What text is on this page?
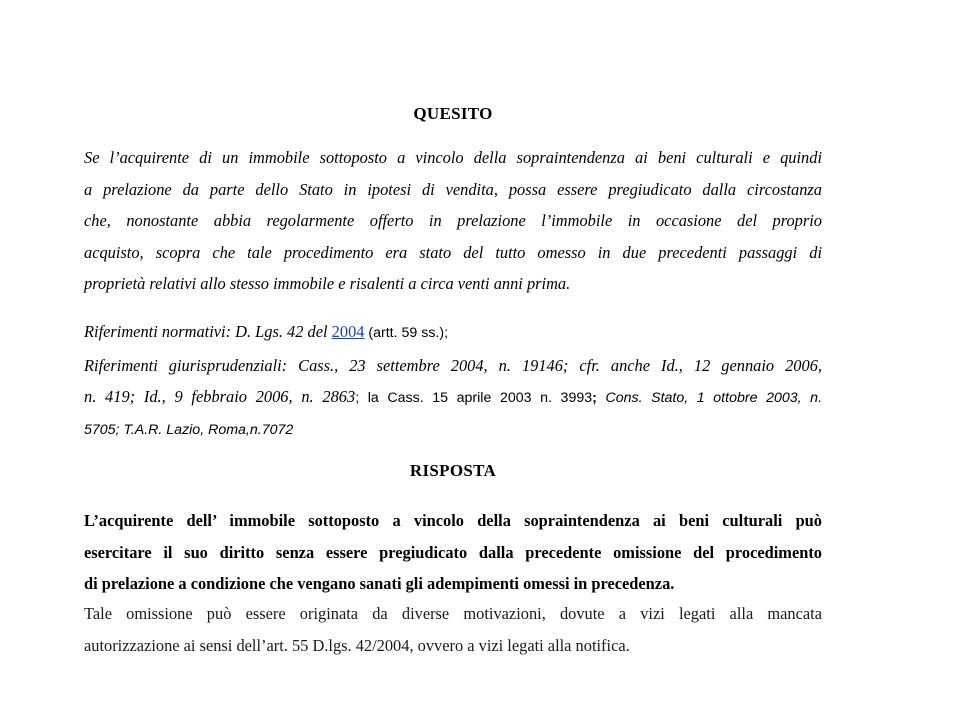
QUESITO
Se l’acquirente di un immobile sottoposto a vincolo della sopraintendenza ai beni culturali e quindi
a prelazione da parte dello Stato in ipotesi di vendita, possa essere pregiudicato dalla circostanza
che, nonostante abbia regolarmente offerto in prelazione l’immobile in occasione del proprio
acquisto, scopra che tale procedimento era stato del tutto omesso in due precedenti passaggi di
proprietà relativi allo stesso immobile e risalenti a circa venti anni prima.
Riferimenti normativi: D. Lgs. 42 del 2004 (artt. 59 ss.);
Riferimenti giurisprudenziali: Cass., 23 settembre 2004, n. 19146; cfr. anche Id., 12 gennaio 2006,
n. 419; Id., 9 febbraio 2006, n. 2863; la Cass. 15 aprile 2003 n. 3993; Cons. Stato, 1 ottobre 2003, n.
5705; T.A.R. Lazio, Roma,n.7072
RISPOSTA
L’acquirente dell’ immobile sottoposto a vincolo della sopraintendenza ai beni culturali può
esercitare il suo diritto senza essere pregiudicato dalla precedente omissione del procedimento
di prelazione a condizione che vengano sanati gli adempimenti omessi in precedenza.
Tale omissione può essere originata da diverse motivazioni, dovute a vizi legati alla mancata
autorizzazione ai sensi dell’art. 55 D.lgs. 42/2004, ovvero a vizi legati alla notifica.
